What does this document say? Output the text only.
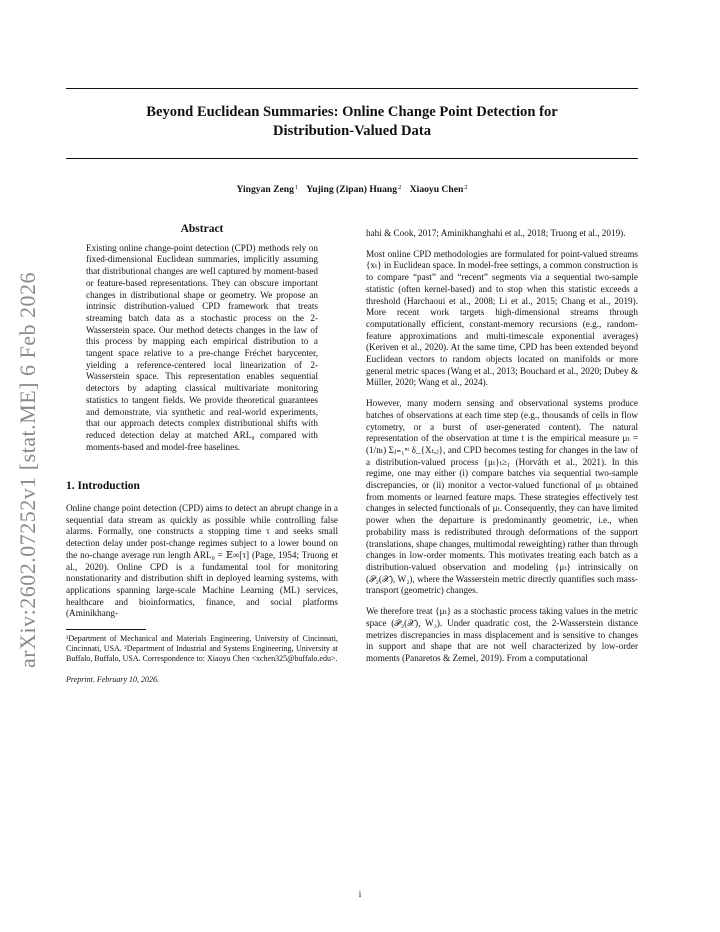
arXiv:2602.07252v1 [stat.ME] 6 Feb 2026
Beyond Euclidean Summaries: Online Change Point Detection for
Distribution-Valued Data
Yingyan Zeng$^1$ Yujing (Zipan) Huang$^2$ Xiaoyu Chen$^2$
Abstract

Existing online change-point detection (CPD) methods rely on fixed-dimensional Euclidean summaries, implicitly assuming that distributional changes are well captured by moment-based or feature-based representations. They can obscure important changes in distributional shape or geometry. We propose an intrinsic distribution-valued CPD framework that treats streaming batch data as a stochastic process on the 2-Wasserstein space. Our method detects changes in the law of this process by mapping each empirical distribution to a tangent space relative to a pre-change Fréchet barycenter, yielding a reference-centered local linearization of 2-Wasserstein space. This representation enables sequential detectors by adapting classical multivariate monitoring statistics to tangent fields. We provide theoretical guarantees and demonstrate, via synthetic and real-world experiments, that our approach detects complex distributional shifts with reduced detection delay at matched ARL₀ compared with moments-based and model-free baselines.

1. Introduction

Online change point detection (CPD) aims to detect an abrupt change in a sequential data stream as quickly as possible while controlling false alarms. Formally, one constructs a stopping time τ and seeks small detection delay under post-change regimes subject to a lower bound on the no-change average run length ARL₀ = 𝔼∞[τ] (Page, 1954; Truong et al., 2020). Online CPD is a fundamental tool for monitoring nonstationarity and distribution shift in deployed learning systems, with applications spanning large-scale Machine Learning (ML) services, healthcare and bioinformatics, finance, and social platforms (Aminikhang-

¹Department of Mechanical and Materials Engineering, University of Cincinnati, Cincinnati, USA. ²Department of Industrial and Systems Engineering, University at Buffalo, Buffalo, USA. Correspondence to: Xiaoyu Chen <xchen325@buffalo.edu>.

Preprint. February 10, 2026.

hahi & Cook, 2017; Aminikhanghahi et al., 2018; Truong et al., 2019).

Most online CPD methodologies are formulated for point-valued streams {xₜ} in Euclidean space. In model-free settings, a common construction is to compare “past” and “recent” segments via a sequential two-sample statistic (often kernel-based) and to stop when this statistic exceeds a threshold (Harchaoui et al., 2008; Li et al., 2015; Chang et al., 2019). More recent work targets high-dimensional streams through computationally efficient, constant-memory recursions (e.g., random-feature approximations and multi-timescale exponential averages) (Keriven et al., 2020). At the same time, CPD has been extended beyond Euclidean vectors to random objects located on manifolds or more general metric spaces (Wang et al., 2013; Bouchard et al., 2020; Dubey & Müller, 2020; Wang et al., 2024).

However, many modern sensing and observational systems produce batches of observations at each time step (e.g., thousands of cells in flow cytometry, or a burst of user-generated content). The natural representation of the observation at time t is the empirical measure μₜ = (1/nₜ) Σⱼ₌₁ⁿᵗ δ_{Xₜ,ⱼ}, and CPD becomes testing for changes in the law of a distribution-valued process {μₜ}ₜ≥₁ (Horváth et al., 2021). In this regime, one may either (i) compare batches via sequential two-sample discrepancies, or (ii) monitor a vector-valued functional of μₜ obtained from moments or learned feature maps. These strategies effectively test changes in selected functionals of μₜ. Consequently, they can have limited power when the departure is predominantly geometric, i.e., when probability mass is redistributed through deformations of the support (translations, shape changes, multimodal reweighting) rather than through changes in low-order moments. This motivates treating each batch as a distribution-valued observation and modeling {μₜ} intrinsically on (𝒫₂(𝒳), W₂), where the Wasserstein metric directly quantifies such mass-transport (geometric) changes.

We therefore treat {μₜ} as a stochastic process taking values in the metric space (𝒫₂(𝒳), W₂). Under quadratic cost, the 2-Wasserstein distance metrizes discrepancies in mass displacement and is sensitive to changes in support and shape that are not well characterized by low-order moments (Panaretos & Zemel, 2019). From a computational

i
